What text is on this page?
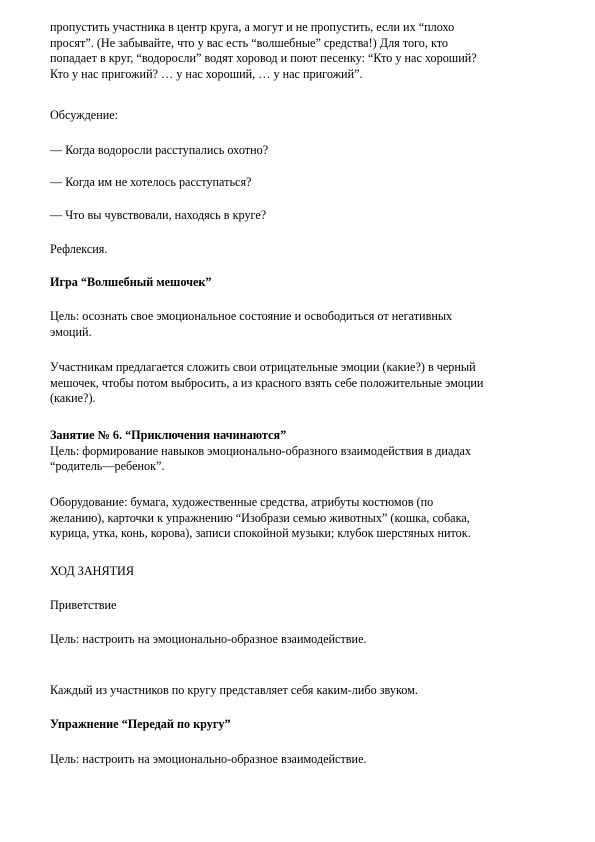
пропустить участника в центр круга, а могут и не пропустить, если их “плохо
просят”. (Не забывайте, что у вас есть “волшебные” средства!) Для того, кто
попадает в круг, “водоросли” водят хоровод и поют песенку: “Кто у нас хороший?
Кто у нас пригожий? … у нас хороший, … у нас пригожий”.
Обсуждение:
— Когда водоросли расступались охотно?
— Когда им не хотелось расступаться?
— Что вы чувствовали, находясь в круге?
Рефлексия.
Игра “Волшебный мешочек”
Цель: осознать свое эмоциональное состояние и освободиться от негативных
эмоций.
Участникам предлагается сложить свои отрицательные эмоции (какие?) в черный
мешочек, чтобы потом выбросить, а из красного взять себе положительные эмоции
(какие?).
Занятие № 6. “Приключения начинаются”
Цель: формирование навыков эмоционально-образного взаимодействия в диадах
“родитель—ребенок”.
Оборудование: бумага, художественные средства, атрибуты костюмов (по
желанию), карточки к упражнению “Изобрази семью животных” (кошка, собака,
курица, утка, конь, корова), записи спокойной музыки; клубок шерстяных ниток.
ХОД ЗАНЯТИЯ
Приветствие
Цель: настроить на эмоционально-образное взаимодействие.
Каждый из участников по кругу представляет себя каким-либо звуком.
Упражнение “Передай по кругу”
Цель: настроить на эмоционально-образное взаимодействие.
